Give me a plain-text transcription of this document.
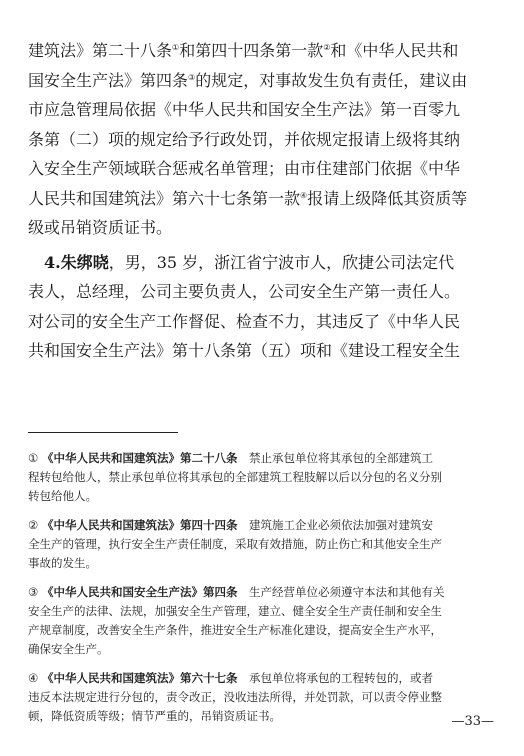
建筑法》第二十八条①和第四十四条第一款②和《中华人民共和
国安全生产法》第四条③的规定，对事故发生负有责任，建议由
市应急管理局依据《中华人民共和国安全生产法》第一百零九
条第（二）项的规定给予行政处罚，并依规定报请上级将其纳
入安全生产领域联合惩戒名单管理；由市住建部门依据《中华
人民共和国建筑法》第六十七条第一款④报请上级降低其资质等
级或吊销资质证书。
　4.朱绑晓，男，35 岁，浙江省宁波市人，欣捷公司法定代
表人，总经理，公司主要负责人，公司安全生产第一责任人。
对公司的安全生产工作督促、检查不力，其违反了《中华人民
共和国安全生产法》第十八条第（五）项和《建设工程安全生
① 《中华人民共和国建筑法》第二十八条　禁止承包单位将其承包的全部建筑工
程转包给他人，禁止承包单位将其承包的全部建筑工程肢解以后以分包的名义分别
转包给他人。
② 《中华人民共和国建筑法》第四十四条　建筑施工企业必须依法加强对建筑安
全生产的管理，执行安全生产责任制度，采取有效措施，防止伤亡和其他安全生产
事故的发生。
③ 《中华人民共和国安全生产法》第四条　生产经营单位必须遵守本法和其他有关
安全生产的法律、法规，加强安全生产管理，建立、健全安全生产责任制和安全生
产规章制度，改善安全生产条件，推进安全生产标准化建设，提高安全生产水平，
确保安全生产。
④ 《中华人民共和国建筑法》第六十七条　承包单位将承包的工程转包的，或者
违反本法规定进行分包的，责令改正，没收违法所得，并处罚款，可以责令停业整
顿，降低资质等级；情节严重的，吊销资质证书。	—33—
